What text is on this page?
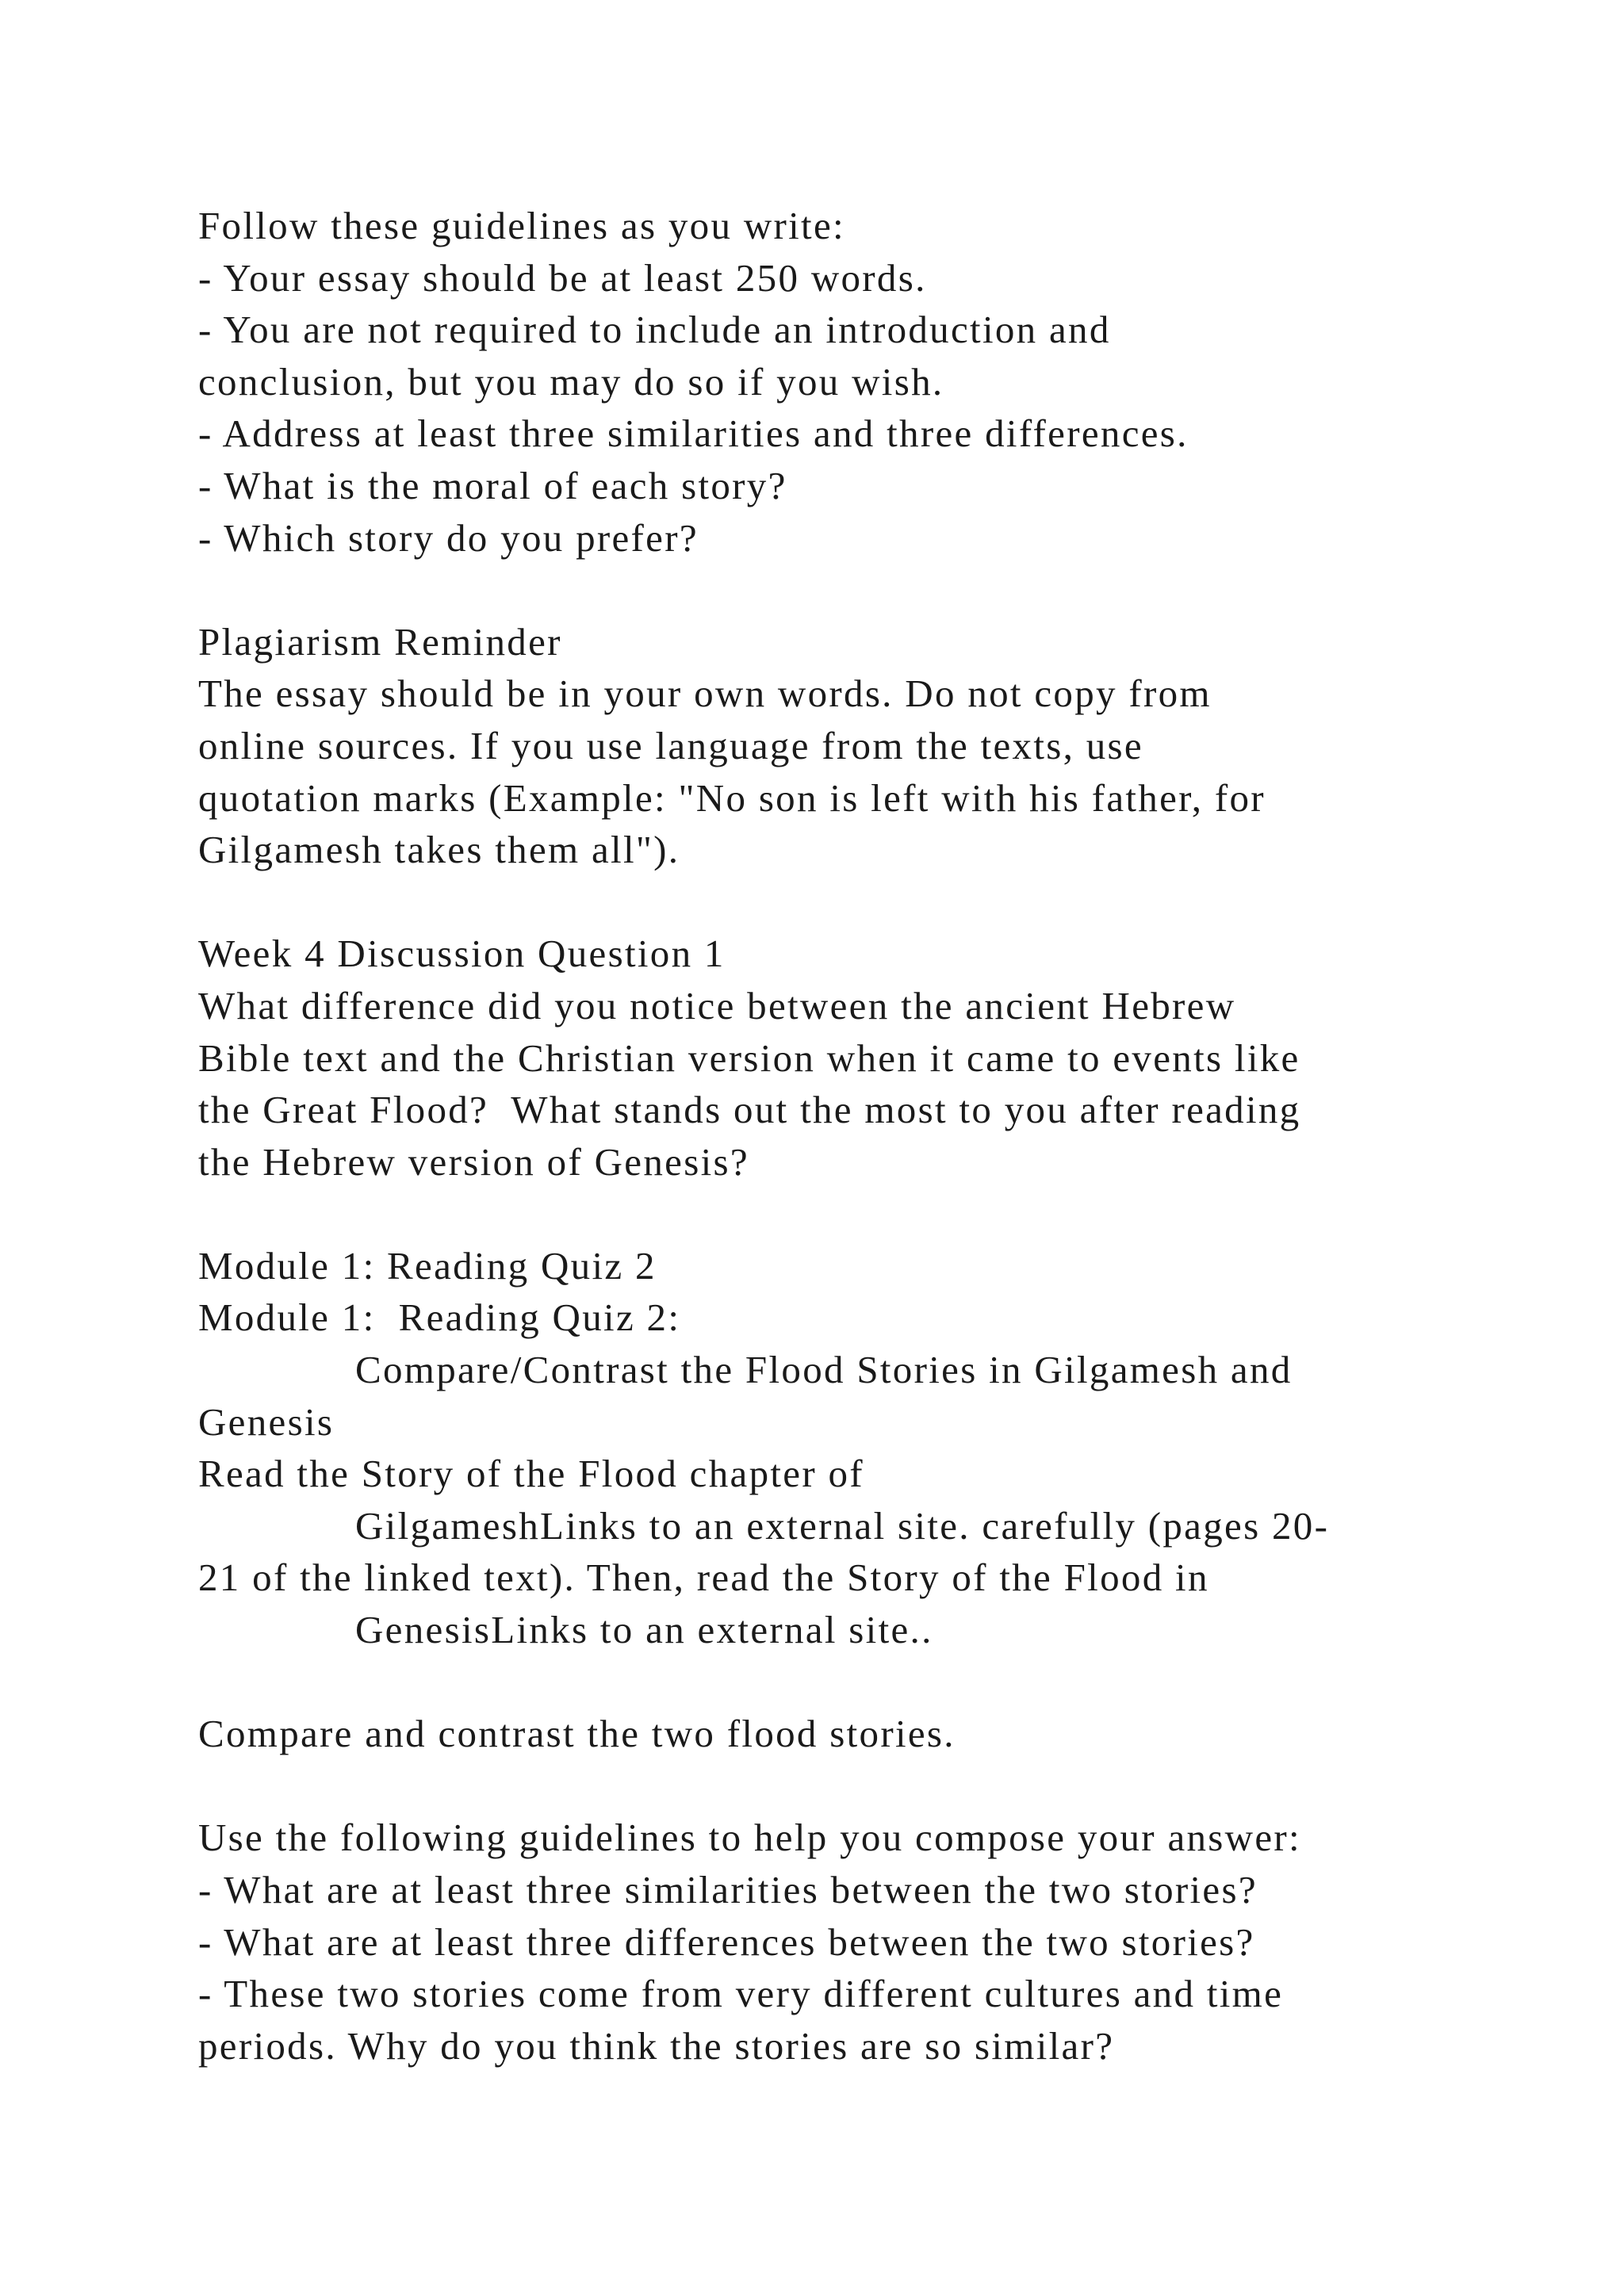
Follow these guidelines as you write:
- Your essay should be at least 250 words.
- You are not required to include an introduction and
conclusion, but you may do so if you wish.
- Address at least three similarities and three differences.
- What is the moral of each story?
- Which story do you prefer?
Plagiarism Reminder
The essay should be in your own words. Do not copy from
online sources. If you use language from the texts, use
quotation marks (Example: "No son is left with his father, for
Gilgamesh takes them all").
Week 4 Discussion Question 1
What difference did you notice between the ancient Hebrew
Bible text and the Christian version when it came to events like
the Great Flood?  What stands out the most to you after reading
the Hebrew version of Genesis?
Module 1: Reading Quiz 2
Module 1:  Reading Quiz 2:
Compare/Contrast the Flood Stories in Gilgamesh and
Genesis
Read the Story of the Flood chapter of
GilgameshLinks to an external site. carefully (pages 20-
21 of the linked text). Then, read the Story of the Flood in
GenesisLinks to an external site..
Compare and contrast the two flood stories.
Use the following guidelines to help you compose your answer:
- What are at least three similarities between the two stories?
- What are at least three differences between the two stories?
- These two stories come from very different cultures and time
periods. Why do you think the stories are so similar?
